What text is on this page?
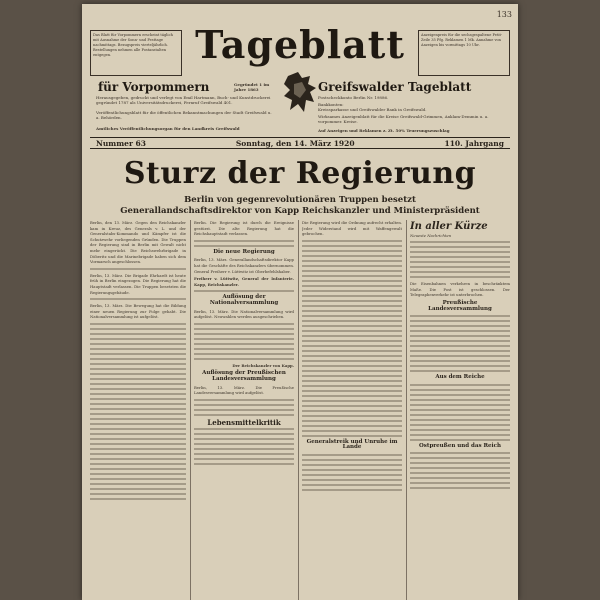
133
Das Blatt für Vorpommern erscheint täglich mit Ausnahme der Sonn- und Festtage nachmittags. Bezugspreis vierteljährlich. Bestellungen nehmen alle Postanstalten entgegen.
Anzeigenpreis für die sechsgespaltene Petit-Zeile 35 Pfg. Reklamen 1 Mk. Annahme von Anzeigen bis vormittags 10 Uhr.
Tageblatt
für Vorpommern	Greifswalder Tageblatt
Gegründet 1 im Jahre 1863
Herausgegeben, gedruckt und verlegt von Emil Hartmann, Buch- und Kunstdruckerei gegründet 1787 als Universitätsdruckerei, Fernruf Greifswald 401.
Veröffentlichungsblatt für die öffentlichen Bekanntmachungen der Stadt Greifswald u. a. Behörden.
Amtliches Veröffentlichungsorgan für den Landkreis Greifswald
Postscheckkonto Berlin Nr. 19886.
Bankkonten:
Kreissparkasse und Greifswalder Bank in Greifswald.
Wirksames Anzeigenblatt für die Kreise Greifswald-Grimmen, Anklam-Demmin u. a. vorpommer. Kreise.
Auf Anzeigen und Reklamen z. Zt. 50% Teuerungszuschlag
Nummer 63	Sonntag, den 14. März 1920	110. Jahrgang
Sturz der Regierung
Berlin von gegenrevolutionären Truppen besetzt
Generallandschaftsdirektor von Kapp Reichskanzler und Ministerpräsident

Berlin, den 13. März. Gegen den Reichskanzler kam in Kreuz, des Generals v. L. und der Generalstabs-Kommando und Kämpfer ist die Schutzwehr vorliegenden Gründen. Die Truppen der Regierung sind in Berlin mit Gewalt nicht mehr eingerückt. Die Reichswehrbrigade in Döberitz und die Marinebrigade haben sich dem Vormarsch angeschlossen.

Berlin, 13. März. Die Brigade Ehrhardt ist heute früh in Berlin eingezogen. Die Regierung hat die Hauptstadt verlassen. Die Truppen besetzten die Regierungsgebäude.

Berlin, 13. März. Die Bewegung hat die Bildung einer neuen Regierung zur Folge gehabt. Die Nationalversammlung ist aufgelöst.

Berlin. Die Regierung ist durch die Ereignisse gestürzt. Die alte Regierung hat die Reichshauptstadt verlassen.

Die neue Regierung

Berlin, 13. März. Generallandschaftsdirektor Kapp hat die Geschäfte des Reichskanzlers übernommen. General Freiherr v. Lüttwitz ist Oberbefehlshaber.

Freiherr v. Lüttwitz, General der Infanterie. Kapp, Reichskanzler.

Auflösung der Nationalversammlung

Berlin, 13. März. Die Nationalversammlung wird aufgelöst. Neuwahlen werden ausgeschrieben.

Der Reichskanzler von Kapp.

Auflösung der Preußischen Landesversammlung

Berlin, 13. März. Die Preußische Landesversammlung wird aufgelöst.

Lebensmittelkritik

Die Regierung wird die Ordnung aufrecht erhalten. Jeder Widerstand wird mit Waffengewalt gebrochen.

Generalstreik und Unruhe im Lande
In aller Kürze

Neueste Nachrichten

Die Eisenbahnen verkehren in beschränktem Maße. Die Post ist geschlossen. Der Telegraphenverkehr ist unterbrochen.

Preußische Landesversammlung
Aus dem Reiche
Ostpreußen und das Reich
